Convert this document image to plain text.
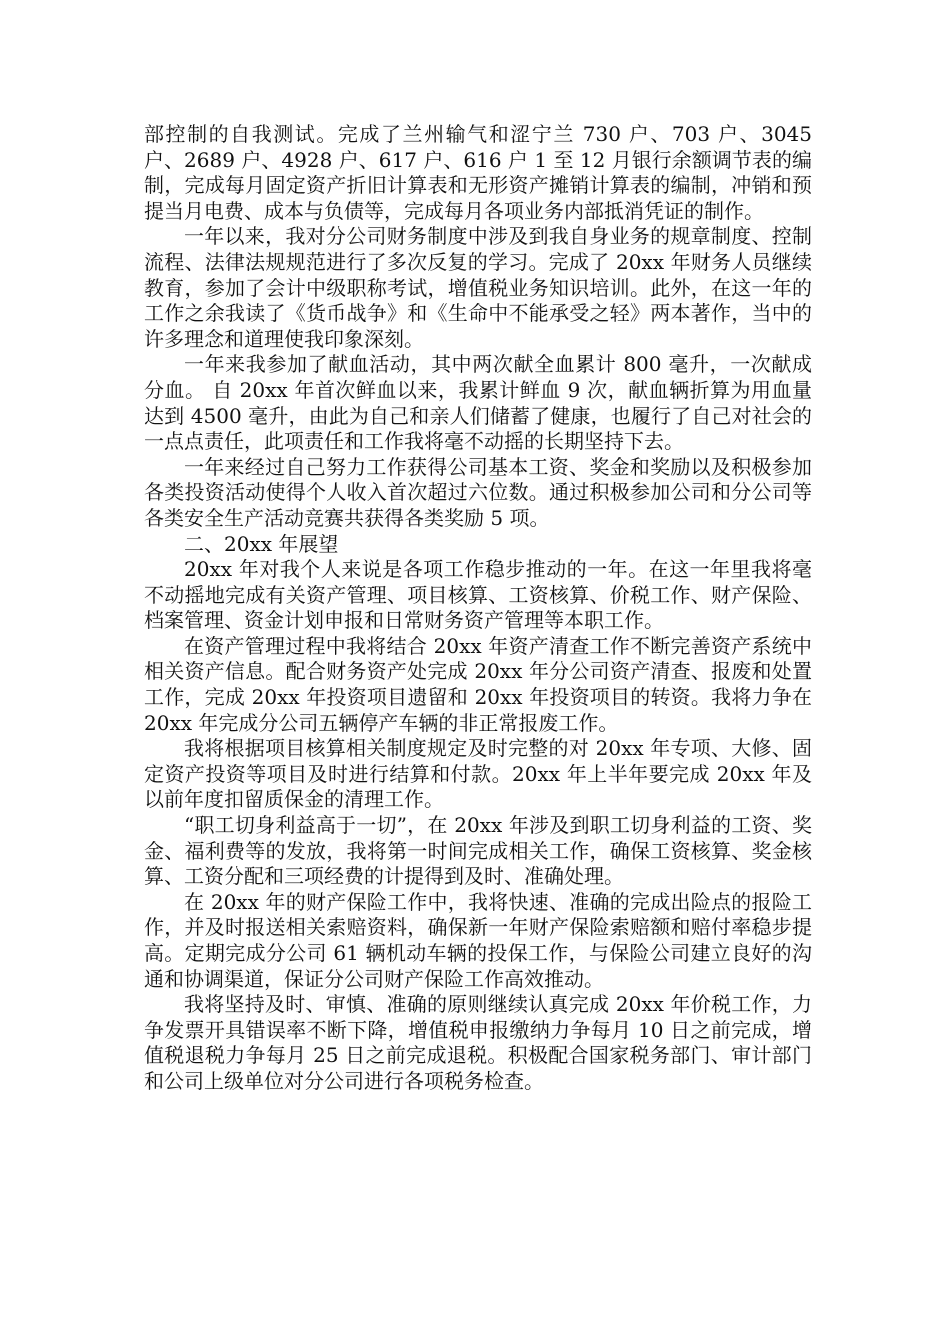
部控制的自我测试。完成了兰州输气和涩宁兰 730 户、703 户、3045 户、2689 户、4928 户、617 户、616 户 1 至 12 月银行余额调节表的编制，完成每月固定资产折旧计算表和无形资产摊销计算表的编制，冲销和预提当月电费、成本与负债等，完成每月各项业务内部抵消凭证的制作。

一年以来，我对分公司财务制度中涉及到我自身业务的规章制度、控制流程、法律法规规范进行了多次反复的学习。完成了 20xx 年财务人员继续教育，参加了会计中级职称考试，增值税业务知识培训。此外，在这一年的工作之余我读了《货币战争》和《生命中不能承受之轻》两本著作，当中的许多理念和道理使我印象深刻。

一年来我参加了献血活动，其中两次献全血累计 800 毫升，一次献成分血。 自 20xx 年首次鲜血以来，我累计鲜血 9 次，献血辆折算为用血量达到 4500 毫升，由此为自己和亲人们储蓄了健康，也履行了自己对社会的一点点责任，此项责任和工作我将毫不动摇的长期坚持下去。

一年来经过自己努力工作获得公司基本工资、奖金和奖励以及积极参加各类投资活动使得个人收入首次超过六位数。通过积极参加公司和分公司等各类安全生产活动竞赛共获得各类奖励 5 项。

二、20xx 年展望

20xx 年对我个人来说是各项工作稳步推动的一年。在这一年里我将毫不动摇地完成有关资产管理、项目核算、工资核算、价税工作、财产保险、档案管理、资金计划申报和日常财务资产管理等本职工作。

在资产管理过程中我将结合 20xx 年资产清查工作不断完善资产系统中相关资产信息。配合财务资产处完成 20xx 年分公司资产清查、报废和处置工作，完成 20xx 年投资项目遗留和 20xx 年投资项目的转资。我将力争在 20xx 年完成分公司五辆停产车辆的非正常报废工作。

我将根据项目核算相关制度规定及时完整的对 20xx 年专项、大修、固定资产投资等项目及时进行结算和付款。20xx 年上半年要完成 20xx 年及以前年度扣留质保金的清理工作。

“职工切身利益高于一切”，在 20xx 年涉及到职工切身利益的工资、奖金、福利费等的发放，我将第一时间完成相关工作，确保工资核算、奖金核算、工资分配和三项经费的计提得到及时、准确处理。

在 20xx 年的财产保险工作中，我将快速、准确的完成出险点的报险工作，并及时报送相关索赔资料，确保新一年财产保险索赔额和赔付率稳步提高。定期完成分公司 61 辆机动车辆的投保工作，与保险公司建立良好的沟通和协调渠道，保证分公司财产保险工作高效推动。

我将坚持及时、审慎、准确的原则继续认真完成 20xx 年价税工作，力争发票开具错误率不断下降，增值税申报缴纳力争每月 10 日之前完成，增值税退税力争每月 25 日之前完成退税。积极配合国家税务部门、审计部门和公司上级单位对分公司进行各项税务检查。
